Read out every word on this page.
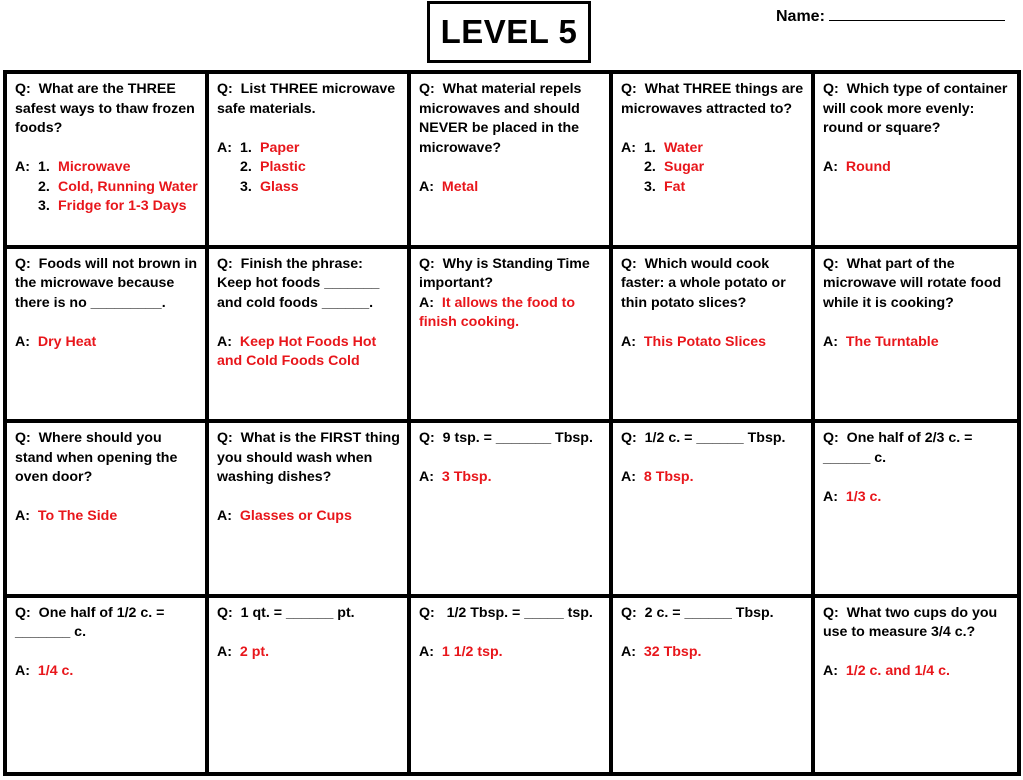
LEVEL 5	Name:

Q: What are the THREE safest ways to thaw frozen foods?

A: 1. Microwave
2. Cold, Running Water
3. Fridge for 1-3 Days

Q: List THREE microwave safe materials.

A: 1. Paper
2. Plastic
3. Glass

Q: What material repels microwaves and should NEVER be placed in the microwave?

A: Metal

Q: What THREE things are microwaves attracted to?

A: 1. Water
2. Sugar
3. Fat

Q: Which type of container will cook more evenly: round or square?

A: Round

Q: Foods will not brown in the microwave because there is no _________.

A: Dry Heat

Q: Finish the phrase: Keep hot foods _______ and cold foods ______.

A: Keep Hot Foods Hot and Cold Foods Cold

Q: Why is Standing Time important?

A: It allows the food to finish cooking.

Q: Which would cook faster: a whole potato or thin potato slices?

A: This Potato Slices

Q: What part of the microwave will rotate food while it is cooking?

A: The Turntable

Q: Where should you stand when opening the oven door?

A: To The Side

Q: What is the FIRST thing you should wash when washing dishes?

A: Glasses or Cups

Q: 9 tsp. = _______ Tbsp.

A: 3 Tbsp.

Q: 1/2 c. = ______ Tbsp.

A: 8 Tbsp.

Q: One half of 2/3 c. = ______ c.

A: 1/3 c.

Q: One half of 1/2 c. = _______ c.

A: 1/4 c.

Q: 1 qt. = ______ pt.

A: 2 pt.

Q:   1/2 Tbsp. = _____ tsp.

A: 1 1/2 tsp.

Q: 2 c. = ______ Tbsp.

A: 32 Tbsp.

Q: What two cups do you use to measure 3/4 c.?

A: 1/2 c. and 1/4 c.
